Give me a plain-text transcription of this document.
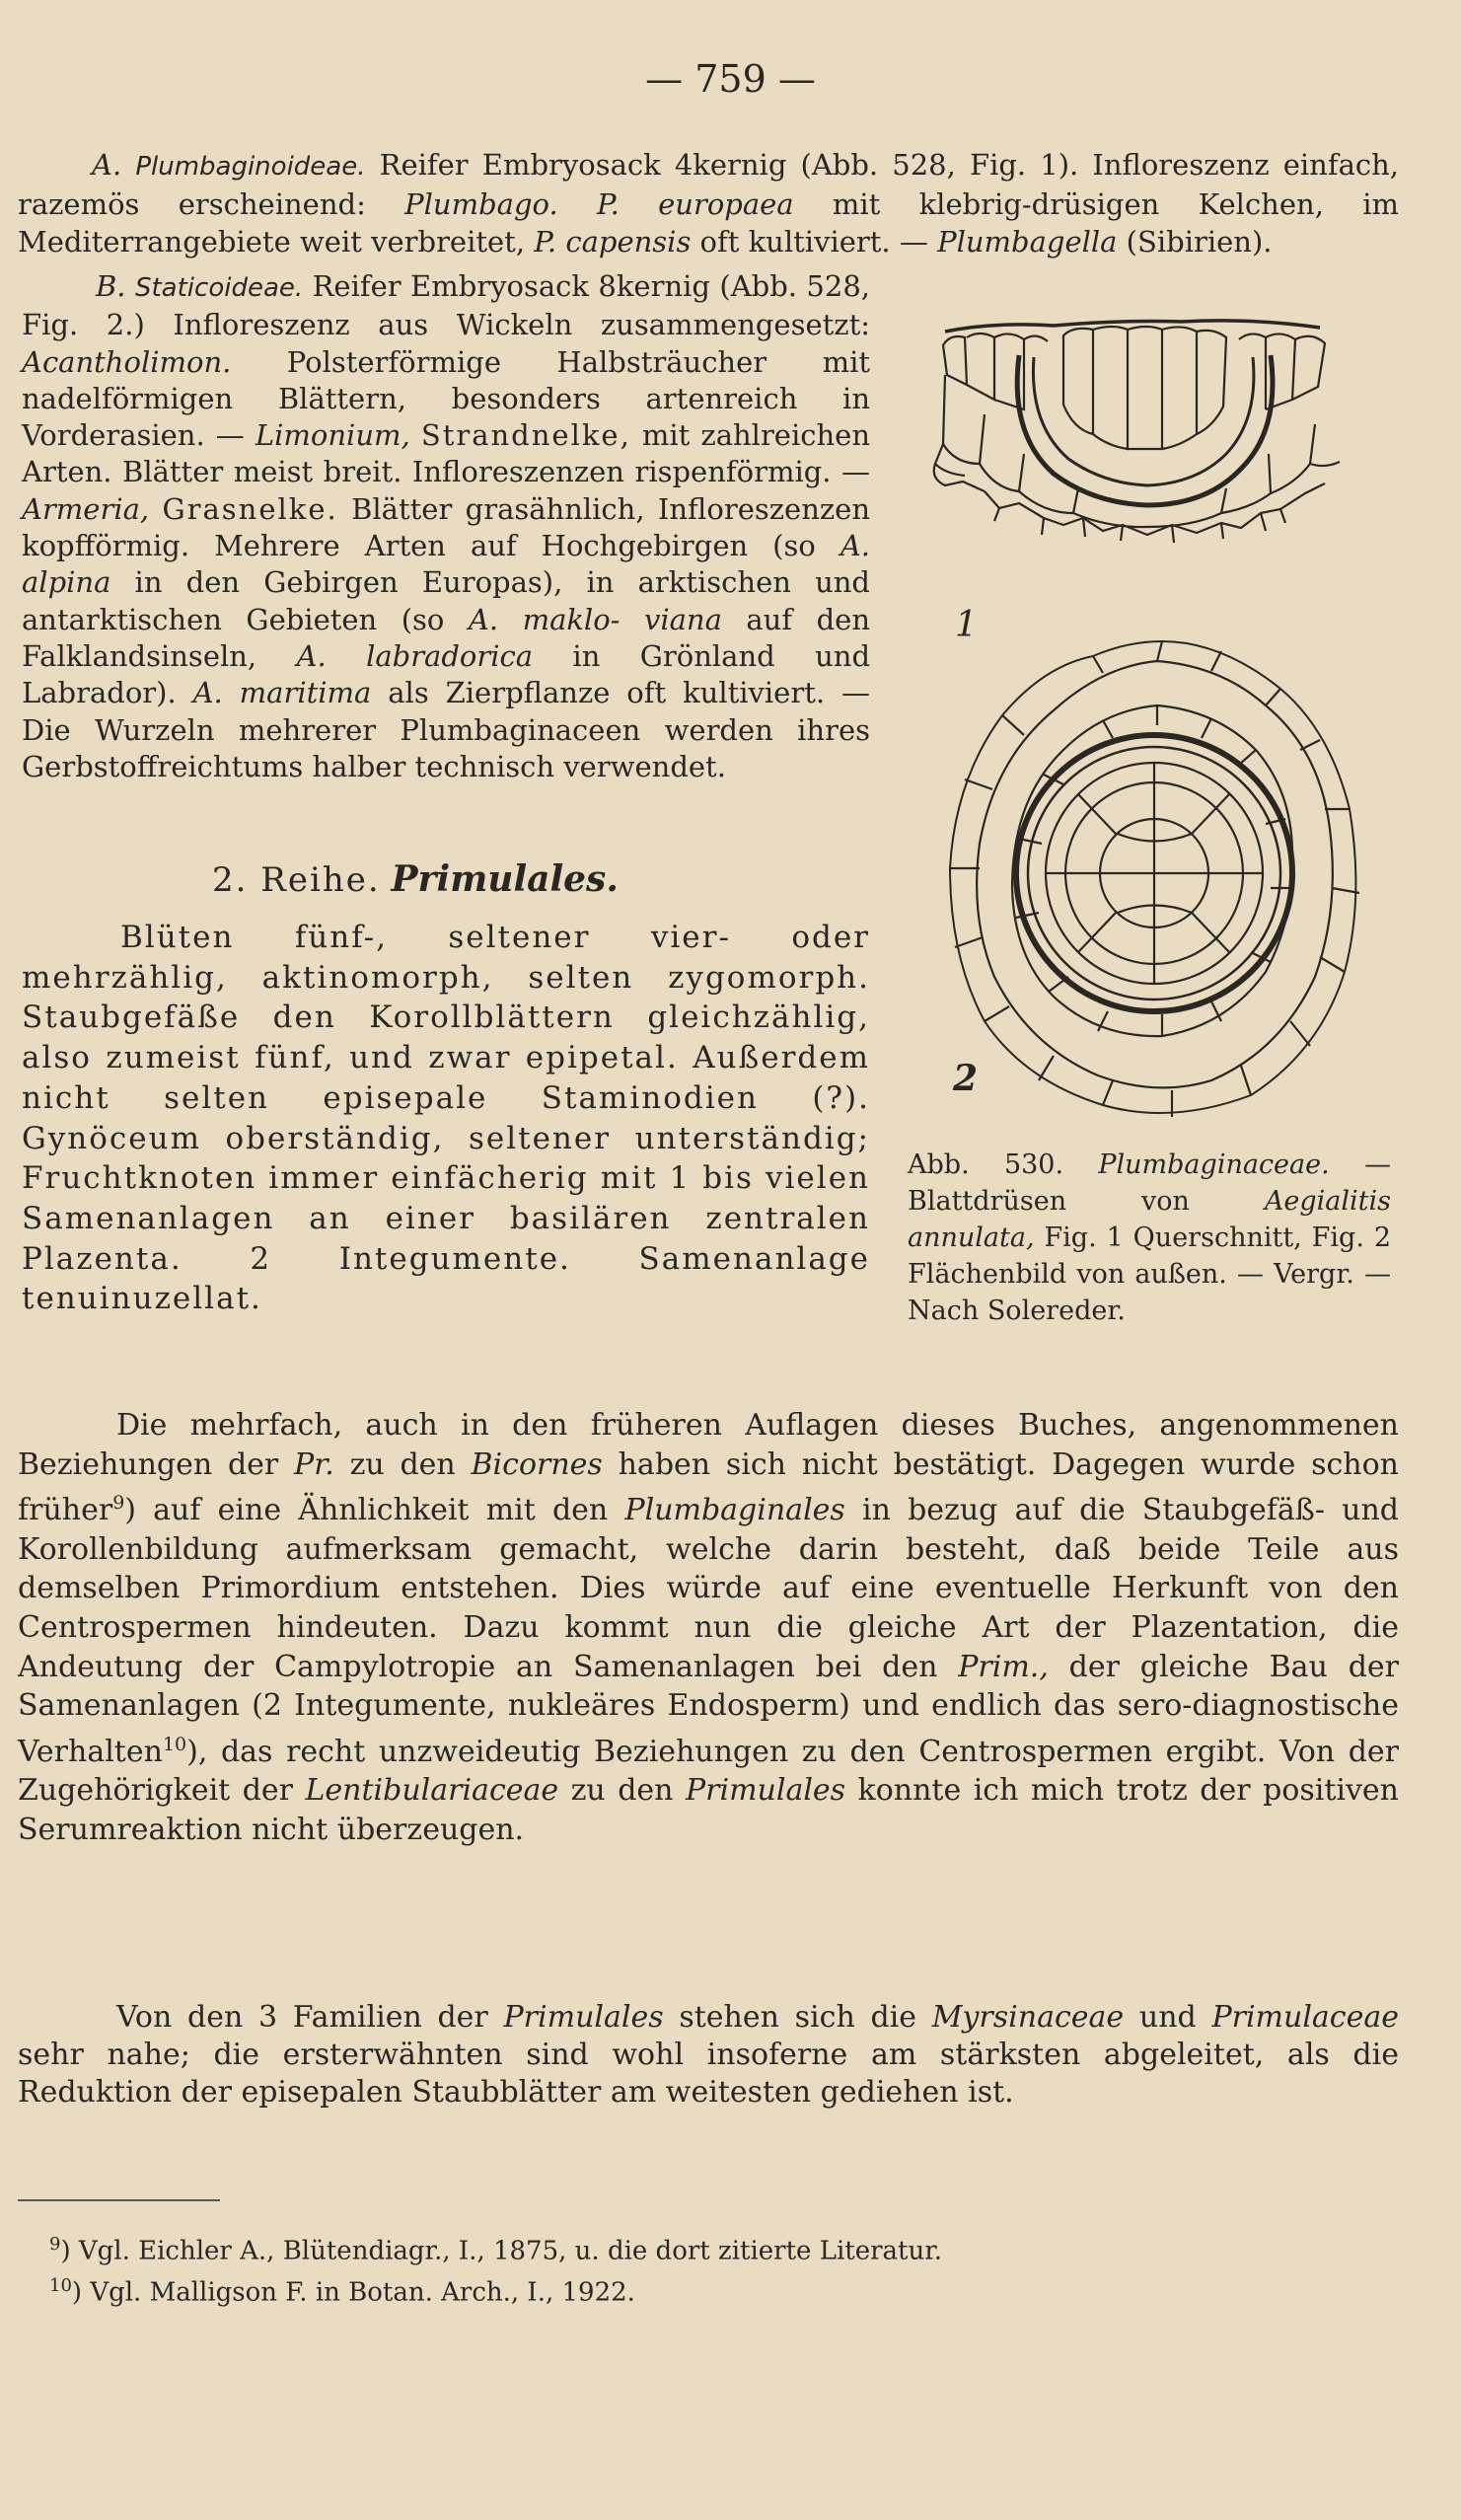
— 759 —
A. Plumbaginoideae. Reifer Embryosack 4kernig (Abb. 528, Fig. 1). Infloreszenz einfach, razemös erscheinend: Plumbago. P. europaea mit klebrig-drüsigen Kelchen, im Mediterrangebiete weit verbreitet, P. capensis oft kultiviert. — Plumbagella (Sibirien).
B. Staticoideae. Reifer Embryosack 8kernig (Abb. 528, Fig. 2.) Infloreszenz aus Wickeln zusammengesetzt: Acantholimon. Polsterförmige Halbsträucher mit nadelförmigen Blättern, besonders artenreich in Vorderasien. — Limonium, Strandnelke, mit zahlreichen Arten. Blätter meist breit. Infloreszenzen rispenförmig. — Armeria, Grasnelke. Blätter grasähnlich, Infloreszenzen kopfförmig. Mehrere Arten auf Hochgebirgen (so A. alpina in den Gebirgen Europas), in arktischen und antarktischen Gebieten (so A. maklo- viana auf den Falklandsinseln, A. labradorica in Grönland und Labrador). A. maritima als Zierpflanze oft kultiviert. — Die Wurzeln mehrerer Plumbaginaceen werden ihres Gerbstoffreichtums halber technisch verwendet.
2. Reihe. Primulales.
Blüten fünf-, seltener vier- oder mehrzählig, aktinomorph, selten zygomorph. Staubgefäße den Korollblättern gleichzählig, also zumeist fünf, und zwar epipetal. Außerdem nicht selten episepale Staminodien (?). Gynöceum oberständig, seltener unterständig; Fruchtknoten immer einfächerig mit 1 bis vielen Samenanlagen an einer basilären zentralen Plazenta. 2 Integumente. Samenanlage tenuinuzellat.
Die mehrfach, auch in den früheren Auflagen dieses Buches, angenommenen Beziehungen der Pr. zu den Bicornes haben sich nicht bestätigt. Dagegen wurde schon früher$^9$) auf eine Ähnlichkeit mit den Plumbaginales in bezug auf die Staubgefäß- und Korollenbildung aufmerksam gemacht, welche darin besteht, daß beide Teile aus demselben Primordium entstehen. Dies würde auf eine eventuelle Herkunft von den Centrospermen hindeuten. Dazu kommt nun die gleiche Art der Plazentation, die Andeutung der Campylotropie an Samenanlagen bei den Prim., der gleiche Bau der Samenanlagen (2 Integumente, nukleäres Endosperm) und endlich das sero-diagnostische Verhalten$^{10}$), das recht unzweideutig Beziehungen zu den Centrospermen ergibt. Von der Zugehörigkeit der Lentibulariaceae zu den Primulales konnte ich mich trotz der positiven Serumreaktion nicht überzeugen.
Von den 3 Familien der Primulales stehen sich die Myrsinaceae und Primulaceae sehr nahe; die ersterwähnten sind wohl insoferne am stärksten abgeleitet, als die Reduktion der episepalen Staubblätter am weitesten gediehen ist.
1
2
Abb. 530. Plumbaginaceae. — Blattdrüsen von Aegialitis annulata, Fig. 1 Querschnitt, Fig. 2 Flächenbild von außen. — Vergr. — Nach Solereder.
$^9$) Vgl. Eichler A., Blütendiagr., I., 1875, u. die dort zitierte Literatur.
$^{10}$) Vgl. Malligson F. in Botan. Arch., I., 1922.
